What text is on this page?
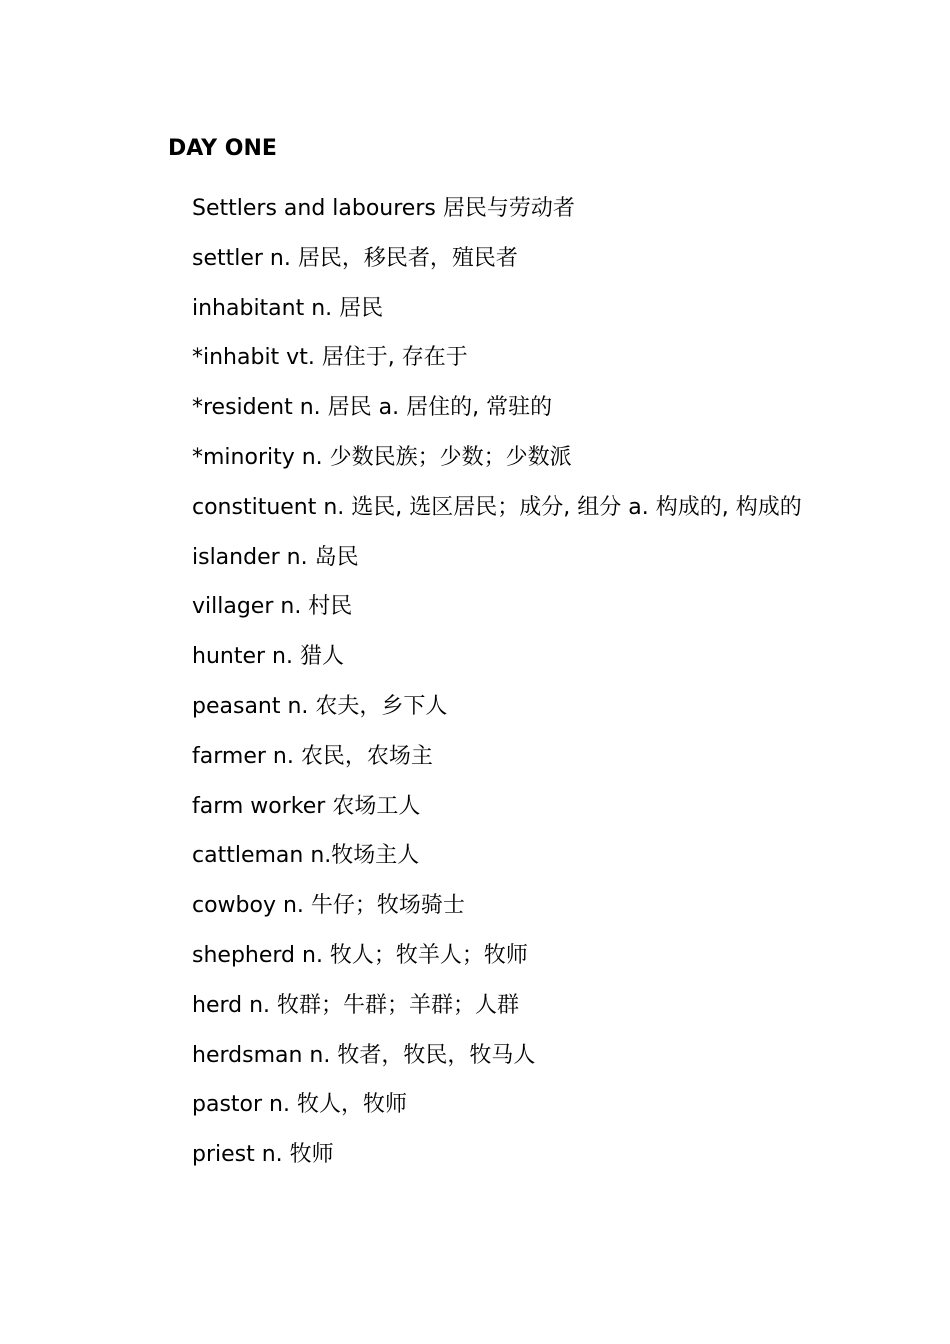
DAY ONE
Settlers and labourers 居民与劳动者
settler n. 居民，移民者，殖民者
inhabitant n. 居民
*inhabit vt. 居住于, 存在于
*resident n. 居民 a. 居住的, 常驻的
*minority n. 少数民族；少数；少数派
constituent n. 选民, 选区居民；成分, 组分 a. 构成的, 构成的
islander n. 岛民
villager n. 村民
hunter n. 猎人
peasant n. 农夫，乡下人
farmer n. 农民，农场主
farm worker 农场工人
cattleman n.牧场主人
cowboy n. 牛仔；牧场骑士
shepherd n. 牧人；牧羊人；牧师
herd n. 牧群；牛群；羊群；人群
herdsman n. 牧者，牧民，牧马人
pastor n. 牧人，牧师
priest n. 牧师
